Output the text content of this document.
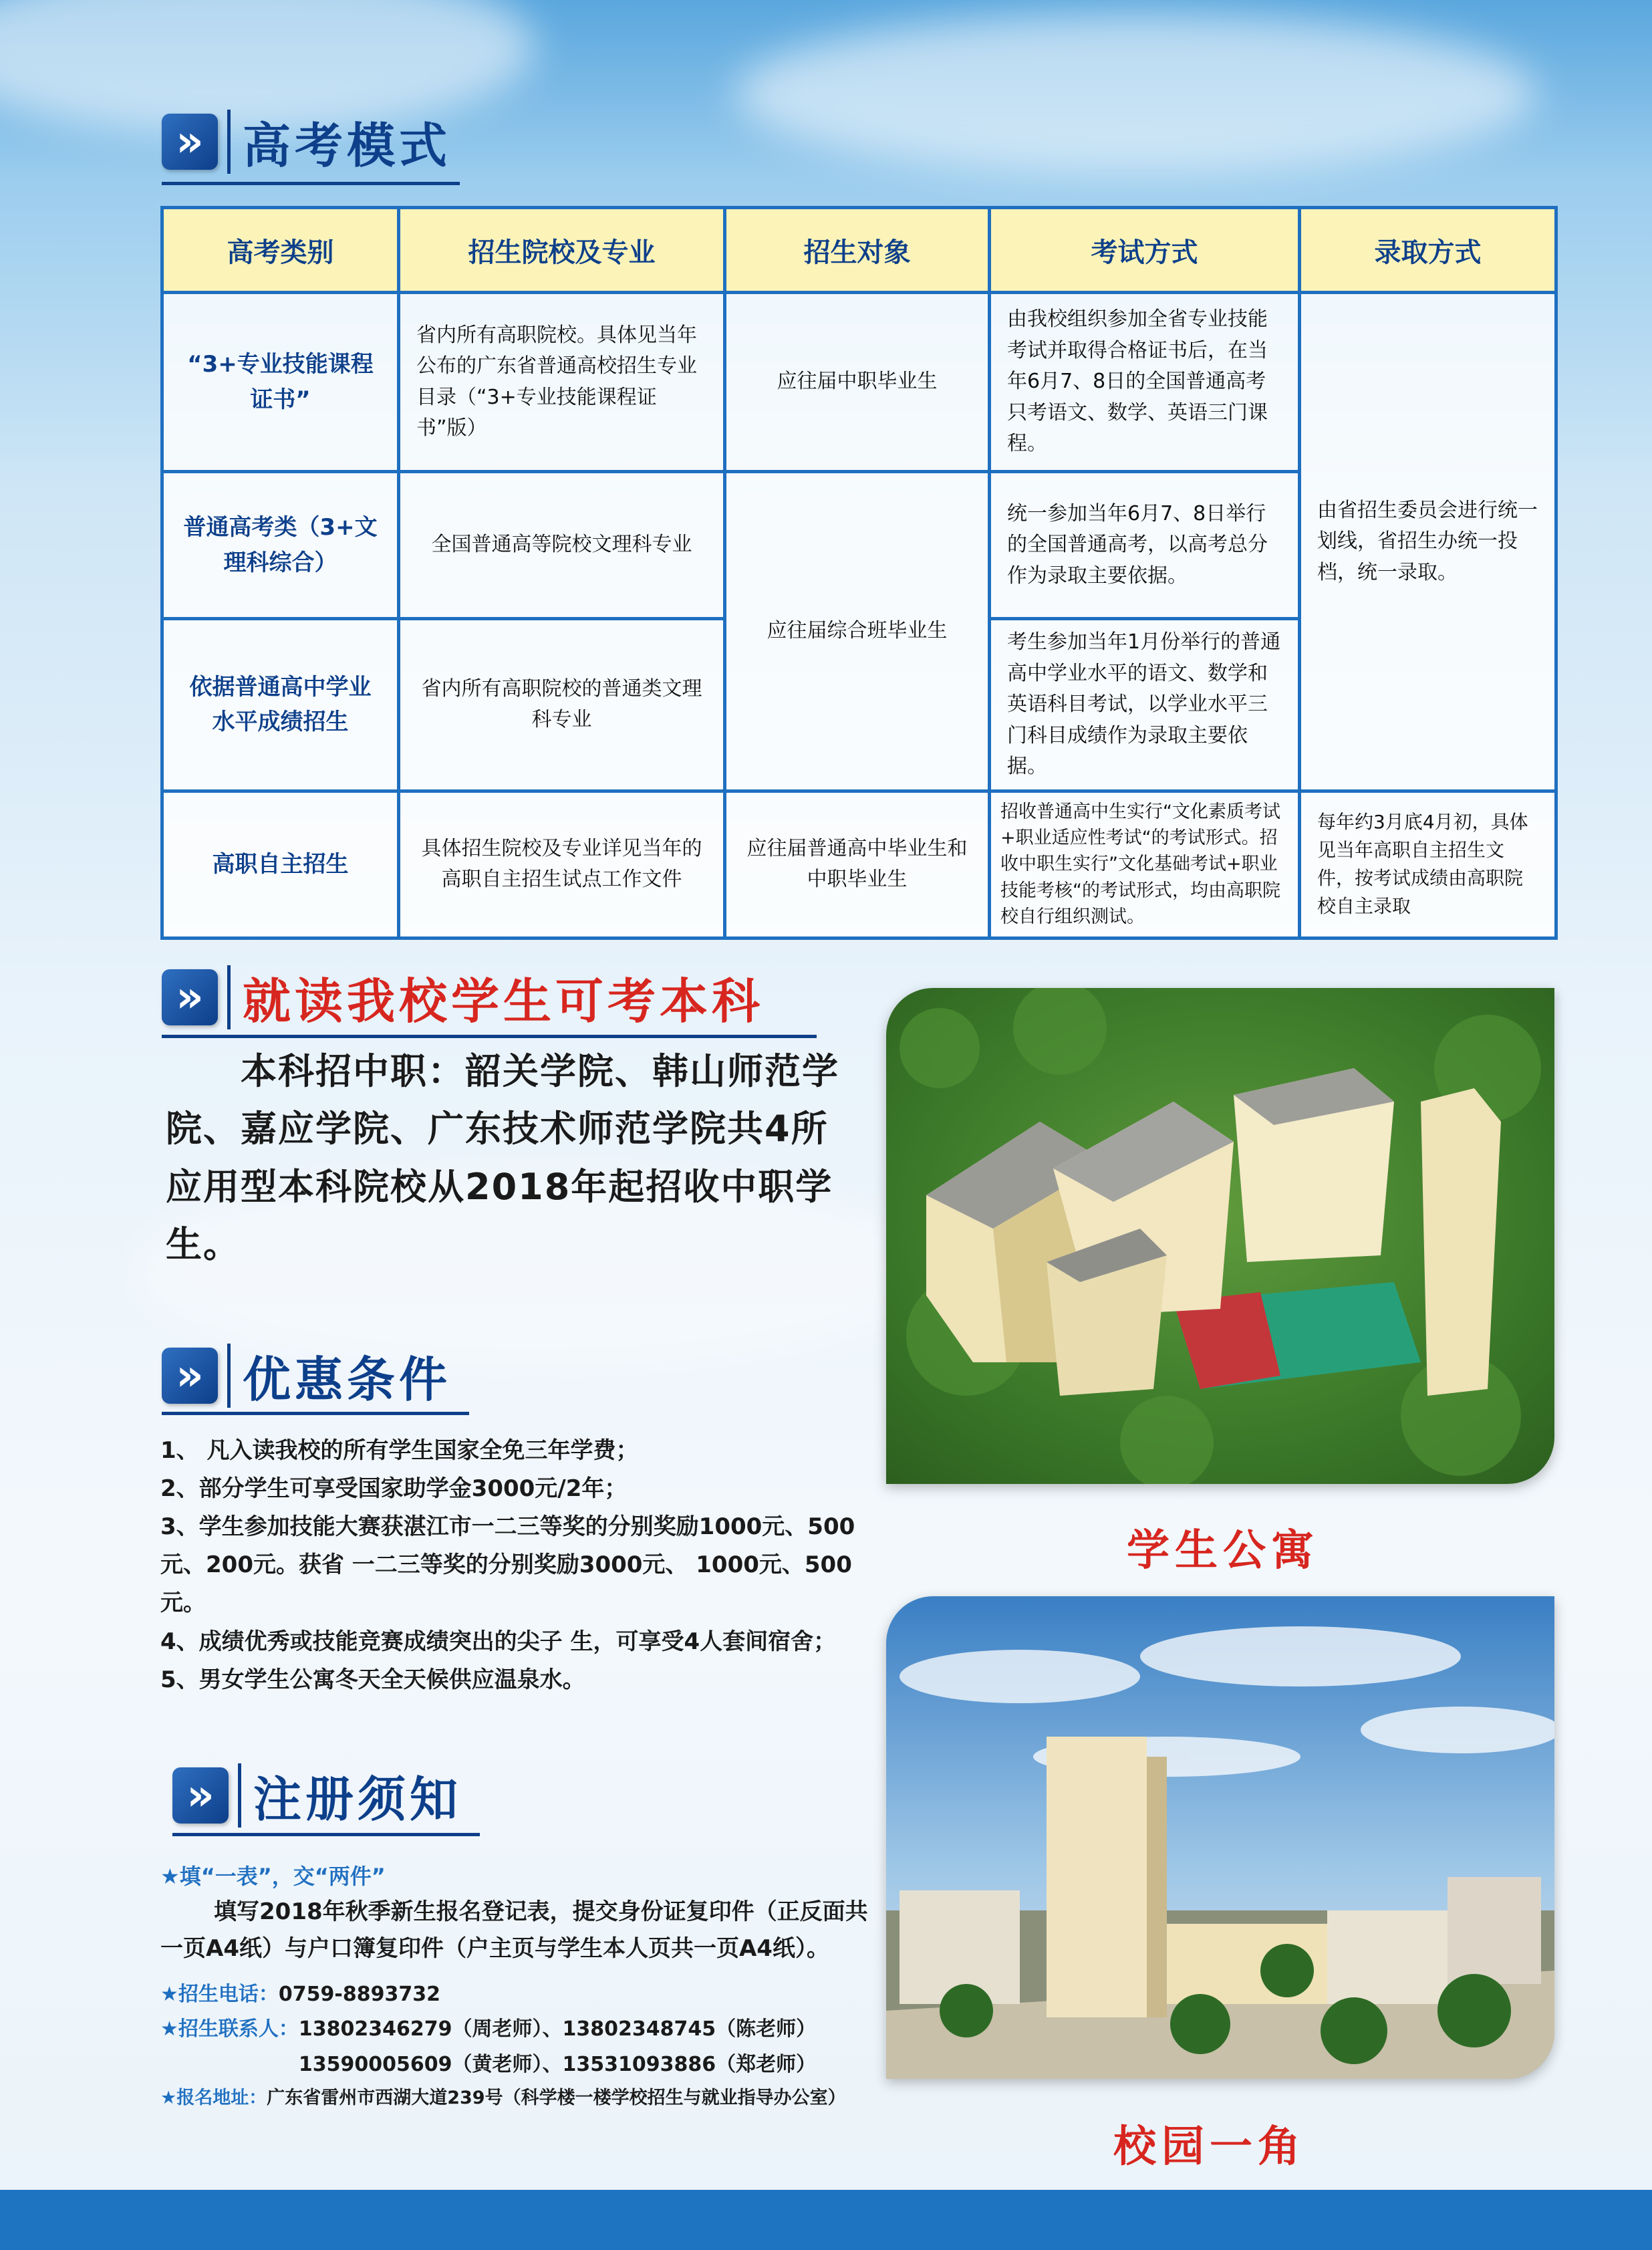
» 高考模式
高考类别	招生院校及专业	招生对象	考试方式	录取方式
“3+专业技能课程证书”	省内所有高职院校。具体见当年公布的广东省普通高校招生专业目录（“3+专业技能课程证书”版）	应往届中职毕业生	由我校组织参加全省专业技能考试并取得合格证书后，在当年6月7、8日的全国普通高考只考语文、数学、英语三门课程。	由省招生委员会进行统一划线，省招生办统一投档，统一录取。
普通高考类（3+文理科综合）	全国普通高等院校文理科专业	应往届综合班毕业生	统一参加当年6月7、8日举行的全国普通高考，以高考总分作为录取主要依据。	
依据普通高中学业水平成绩招生	省内所有高职院校的普通类文理科专业		考生参加当年1月份举行的普通高中学业水平的语文、数学和英语科目考试，以学业水平三门科目成绩作为录取主要依据。	
高职自主招生	具体招生院校及专业详见当年的高职自主招生试点工作文件	应往届普通高中毕业生和中职毕业生	招收普通高中生实行“文化素质考试+职业适应性考试“的考试形式。招收中职生实行”文化基础考试+职业技能考核“的考试形式，均由高职院校自行组织测试。	每年约3月底4月初，具体见当年高职自主招生文件，按考试成绩由高职院校自主录取
» 就读我校学生可考本科
本科招中职：韶关学院、韩山师范学院、嘉应学院、广东技术师范学院共4所应用型本科院校从2018年起招收中职学生。
» 优惠条件
1、 凡入读我校的所有学生国家全免三年学费；
2、部分学生可享受国家助学金3000元/2年；
3、学生参加技能大赛获湛江市一二三等奖的分别奖励1000元、500元、200元。获省 一二三等奖的分别奖励3000元、 1000元、500元。
4、成绩优秀或技能竞赛成绩突出的尖子 生，可享受4人套间宿舍；
5、男女学生公寓冬天全天候供应温泉水。
» 注册须知
★填“一表”，交“两件”
填写2018年秋季新生报名登记表，提交身份证复印件（正反面共一页A4纸）与户口簿复印件（户主页与学生本人页共一页A4纸）。
★招生电话：0759-8893732
★招生联系人： 13802346279（周老师）、13802348745（陈老师）
13590005609（黄老师）、13531093886（郑老师）
★报名地址：广东省雷州市西湖大道239号（科学楼一楼学校招生与就业指导办公室）
学生公寓
校园一角
